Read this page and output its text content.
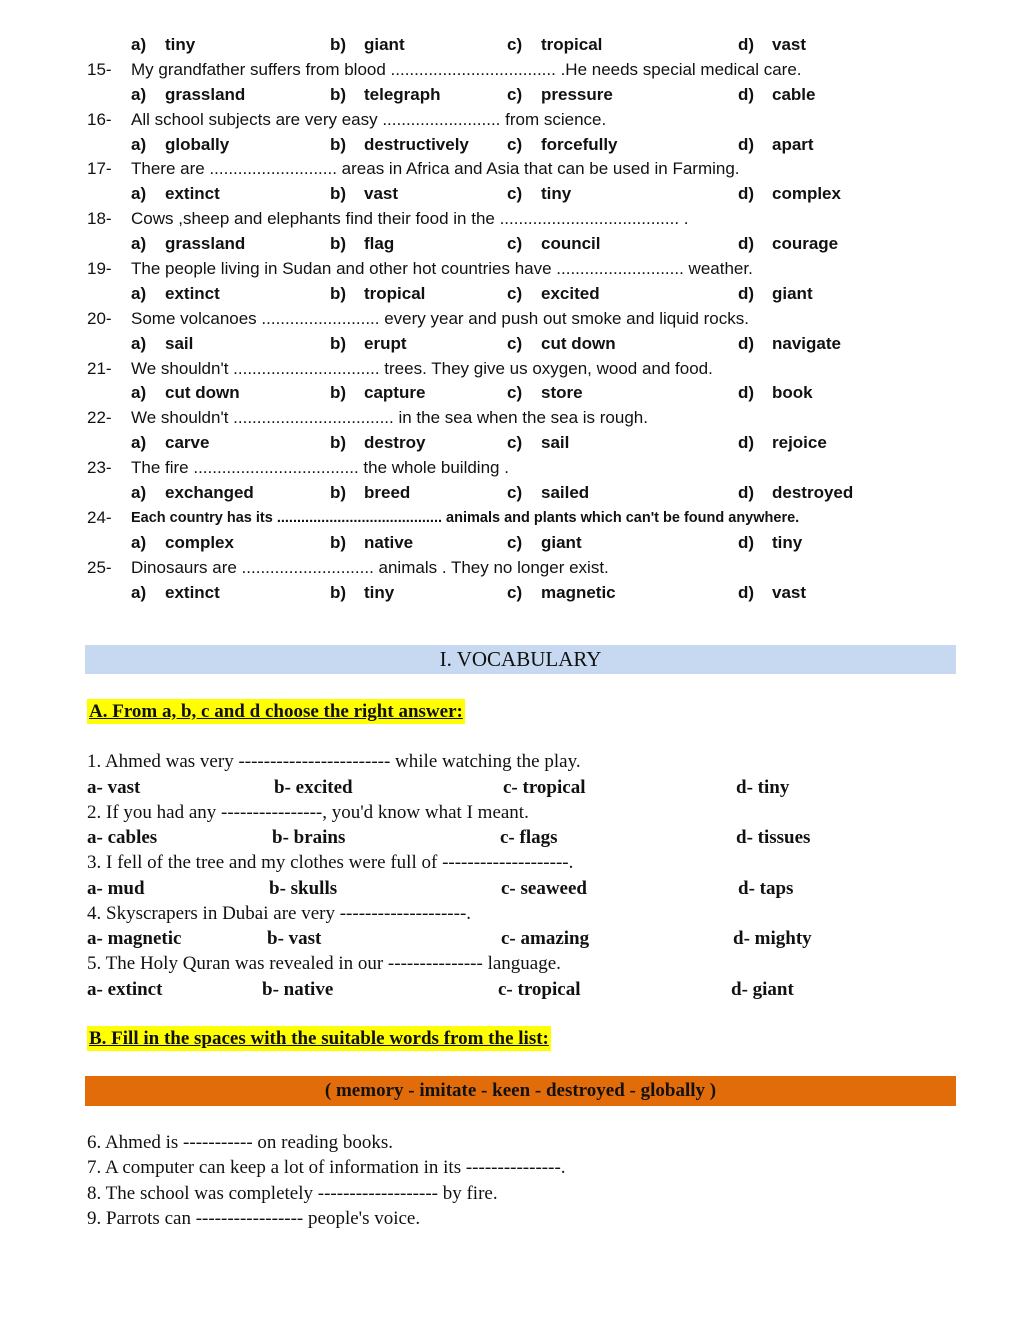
a) tiny	b) giant	c) tropical	d) vast
15- My grandfather suffers from blood ................................... .He needs special medical care.
a) grassland	b) telegraph	c) pressure	d) cable
16- All school subjects are very easy ......................... from science.
a) globally	b) destructively c) forcefully	d) apart
17- There are ........................... areas in Africa and Asia that can be used in Farming.
a) extinct	b) vast	c) tiny	d) complex
18- Cows ,sheep and elephants find their food in the ...................................... .
a) grassland	b) flag	c) council	d) courage
19- The people living in Sudan and other hot countries have ........................... weather.
a) extinct	b) tropical	c) excited	d) giant
20- Some volcanoes ......................... every year and push out smoke and liquid rocks.
a) sail	b) erupt	c) cut down	d) navigate
21- We shouldn't ............................... trees. They give us oxygen, wood and food.
a) cut down	b) capture	c) store	d) book
22- We shouldn't .................................. in the sea when the sea is rough.
a) carve	b) destroy	c) sail	d) rejoice
23- The fire ................................... the whole building .
a) exchanged	b) breed	c) sailed	d) destroyed
24- Each country has its ......................................... animals and plants which can't be found anywhere.
a) complex	b) native	c) giant	d) tiny
25- Dinosaurs are ............................ animals . They no longer exist.
a) extinct	b) tiny	c) magnetic	d) vast
I. VOCABULARY
A. From a, b, c and d choose the right answer:
1. Ahmed was very ------------------------ while watching the play.
a- vast	b- excited	c- tropical	d- tiny
2. If you had any ----------------, you'd know what I meant.
a- cables	b- brains	c- flags	d- tissues
3. I fell of the tree and my clothes were full of --------------------.
a- mud	b- skulls	c- seaweed	d- taps
4. Skyscrapers in Dubai are very --------------------.
a- magnetic	b- vast	c- amazing	d- mighty
5. The Holy Quran was revealed in our --------------- language.
a- extinct	b- native	c- tropical	d- giant
B. Fill in the spaces with the suitable words from the list:
( memory - imitate - keen - destroyed - globally )
6. Ahmed is ----------- on reading books.
7. A computer can keep a lot of information in its ---------------.
8. The school was completely ------------------- by fire.
9. Parrots can ----------------- people's voice.
